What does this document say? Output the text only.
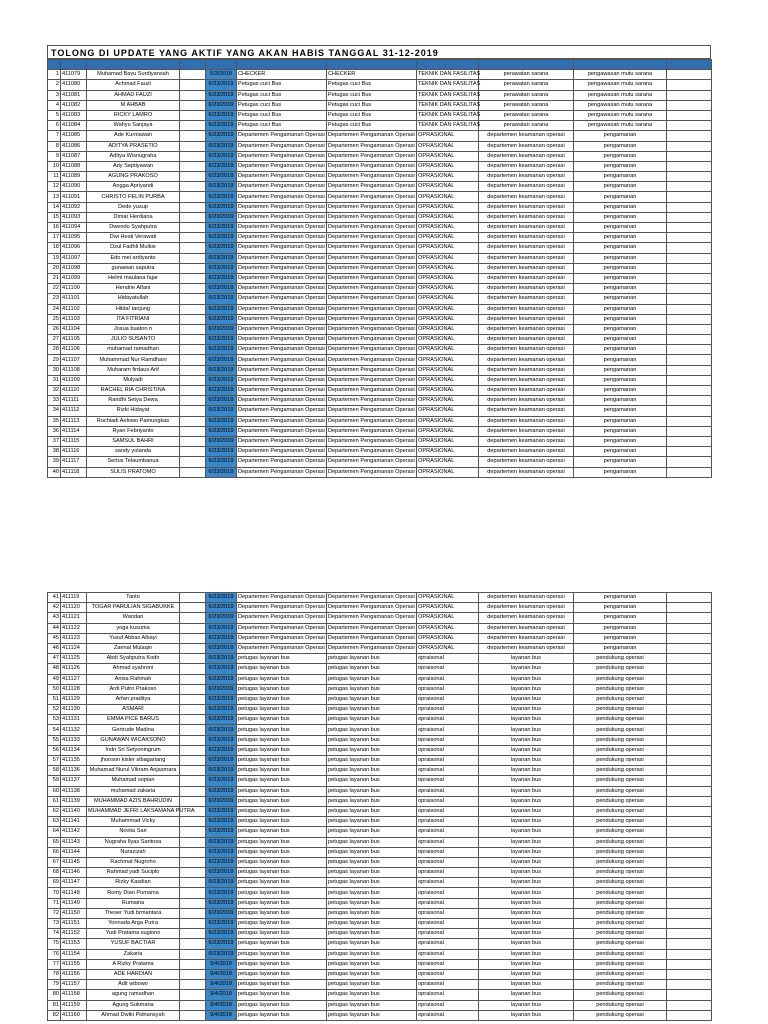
TOLONG DI UPDATE YANG AKTIF YANG AKAN HABIS TANGGAL 31-12-2019

1	411079	Muhamad Bayu Surdiyansah		6/3/2019	CHECKER	CHECKER	TEKNIK DAN FASILITAS	perawatan sarana	pengawasan mutu sarana	
2	411080	Achmad Fauzi		6/23/2019	Petugas cuci Bus	Petugas cuci Bus	TEKNIK DAN FASILITAS	perawatan sarana	pengawasan mutu sarana	
3	411081	AHMAD FAUZI		6/23/2019	Petugas cuci Bus	Petugas cuci Bus	TEKNIK DAN FASILITAS	perawatan sarana	pengawasan mutu sarana	
4	411082	M AHBAB		6/23/2019	Petugas cuci Bus	Petugas cuci Bus	TEKNIK DAN FASILITAS	perawatan sarana	pengawasan mutu sarana	
5	411083	RICKY LAMRO		6/23/2019	Petugas cuci Bus	Petugas cuci Bus	TEKNIK DAN FASILITAS	perawatan sarana	pengawasan mutu sarana	
6	411084	Wahyu Sanjaya		6/23/2019	Petugas cuci Bus	Petugas cuci Bus	TEKNIK DAN FASILITAS	perawatan sarana	pengawasan mutu sarana	
7	411085	Ade Kurniawan		6/23/2019	Departemen Pengamanan Operasi	Departemen Pengamanan Operasi	OPRASIONAL	departemen keamanan operasi	pengamanan	
8	411086	ADITYA PRASETIO		6/23/2019	Departemen Pengamanan Operasi	Departemen Pengamanan Operasi	OPRASIONAL	departemen keamanan operasi	pengamanan	
9	411087	Aditya Wisnugraha		6/23/2019	Departemen Pengamanan Operasi	Departemen Pengamanan Operasi	OPRASIONAL	departemen keamanan operasi	pengamanan	
10	411088	Ady Septiyawan		6/23/2019	Departemen Pengamanan Operasi	Departemen Pengamanan Operasi	OPRASIONAL	departemen keamanan operasi	pengamanan	
11	411089	AGUNG PRAKOSO		6/23/2019	Departemen Pengamanan Operasi	Departemen Pengamanan Operasi	OPRASIONAL	departemen keamanan operasi	pengamanan	
12	411090	Angga Apriyandi		6/23/2019	Departemen Pengamanan Operasi	Departemen Pengamanan Operasi	OPRASIONAL	departemen keamanan operasi	pengamanan	
13	411091	CHRISTO FELIN PURBA		6/23/2019	Departemen Pengamanan Operasi	Departemen Pengamanan Operasi	OPRASIONAL	departemen keamanan operasi	pengamanan	
14	411092	Dede yusup		6/23/2019	Departemen Pengamanan Operasi	Departemen Pengamanan Operasi	OPRASIONAL	departemen keamanan operasi	pengamanan	
15	411093	Dimar Herdiana		6/23/2019	Departemen Pengamanan Operasi	Departemen Pengamanan Operasi	OPRASIONAL	departemen keamanan operasi	pengamanan	
16	411094	Dwendo Syahputra		6/23/2019	Departemen Pengamanan Operasi	Departemen Pengamanan Operasi	OPRASIONAL	departemen keamanan operasi	pengamanan	
17	411095	Dwi Hesti Verawati		6/23/2019	Departemen Pengamanan Operasi	Departemen Pengamanan Operasi	OPRASIONAL	departemen keamanan operasi	pengamanan	
18	411096	Dzul Fadhli Mulkie		6/23/2019	Departemen Pengamanan Operasi	Departemen Pengamanan Operasi	OPRASIONAL	departemen keamanan operasi	pengamanan	
19	411097	Edo mei ardiyanto		6/23/2019	Departemen Pengamanan Operasi	Departemen Pengamanan Operasi	OPRASIONAL	departemen keamanan operasi	pengamanan	
20	411098	gunawan saputra		6/23/2019	Departemen Pengamanan Operasi	Departemen Pengamanan Operasi	OPRASIONAL	departemen keamanan operasi	pengamanan	
21	411099	Helmi maulana fajar		6/23/2019	Departemen Pengamanan Operasi	Departemen Pengamanan Operasi	OPRASIONAL	departemen keamanan operasi	pengamanan	
22	411100	Hendrie Alfani		6/23/2019	Departemen Pengamanan Operasi	Departemen Pengamanan Operasi	OPRASIONAL	departemen keamanan operasi	pengamanan	
23	411101	Hidayatullah		6/23/2019	Departemen Pengamanan Operasi	Departemen Pengamanan Operasi	OPRASIONAL	departemen keamanan operasi	pengamanan	
24	411102	Hilda! tanjung		6/23/2019	Departemen Pengamanan Operasi	Departemen Pengamanan Operasi	OPRASIONAL	departemen keamanan operasi	pengamanan	
25	411103	ITA FITRIANI		6/23/2019	Departemen Pengamanan Operasi	Departemen Pengamanan Operasi	OPRASIONAL	departemen keamanan operasi	pengamanan	
26	411104	Josua buaton n		6/23/2019	Departemen Pengamanan Operasi	Departemen Pengamanan Operasi	OPRASIONAL	departemen keamanan operasi	pengamanan	
27	411105	JULIO SUSANTO		6/23/2019	Departemen Pengamanan Operasi	Departemen Pengamanan Operasi	OPRASIONAL	departemen keamanan operasi	pengamanan	
28	411106	muhamad ramadhan		6/23/2019	Departemen Pengamanan Operasi	Departemen Pengamanan Operasi	OPRASIONAL	departemen keamanan operasi	pengamanan	
29	411107	Muhammad Nur Ramdhani		6/23/2019	Departemen Pengamanan Operasi	Departemen Pengamanan Operasi	OPRASIONAL	departemen keamanan operasi	pengamanan	
30	411108	Muharam firdaus Arif		6/23/2019	Departemen Pengamanan Operasi	Departemen Pengamanan Operasi	OPRASIONAL	departemen keamanan operasi	pengamanan	
31	411109	Mulyadi		6/23/2019	Departemen Pengamanan Operasi	Departemen Pengamanan Operasi	OPRASIONAL	departemen keamanan operasi	pengamanan	
32	411110	RACHEL RIA CHRISTINA		6/23/2019	Departemen Pengamanan Operasi	Departemen Pengamanan Operasi	OPRASIONAL	departemen keamanan operasi	pengamanan	
33	411111	Randhi Setya Dewa		6/23/2019	Departemen Pengamanan Operasi	Departemen Pengamanan Operasi	OPRASIONAL	departemen keamanan operasi	pengamanan	
34	411112	Rizki Hidayat		6/23/2019	Departemen Pengamanan Operasi	Departemen Pengamanan Operasi	OPRASIONAL	departemen keamanan operasi	pengamanan	
35	411113	Ruchiadi Aelowo Pamungkas		6/23/2019	Departemen Pengamanan Operasi	Departemen Pengamanan Operasi	OPRASIONAL	departemen keamanan operasi	pengamanan	
36	411114	Ryan Febriyanto		6/23/2019	Departemen Pengamanan Operasi	Departemen Pengamanan Operasi	OPRASIONAL	departemen keamanan operasi	pengamanan	
37	411115	SAMSUL BAHRI		6/23/2019	Departemen Pengamanan Operasi	Departemen Pengamanan Operasi	OPRASIONAL	departemen keamanan operasi	pengamanan	
38	411116	sandy yolanda		6/23/2019	Departemen Pengamanan Operasi	Departemen Pengamanan Operasi	OPRASIONAL	departemen keamanan operasi	pengamanan	
39	411117	Sertus Telaumbanua		6/23/2019	Departemen Pengamanan Operasi	Departemen Pengamanan Operasi	OPRASIONAL	departemen keamanan operasi	pengamanan	
40	411118	SULIS PRATOMO		6/23/2019	Departemen Pengamanan Operasi	Departemen Pengamanan Operasi	OPRASIONAL	departemen keamanan operasi	pengamanan	
41	411119	Tanto		6/23/2019	Departemen Pengamanan Operasi	Departemen Pengamanan Operasi	OPRASIONAL	departemen keamanan operasi	pengamanan	
42	411120	TOGAR PARULIAN SIGABUKKE		6/23/2019	Departemen Pengamanan Operasi	Departemen Pengamanan Operasi	OPRASIONAL	departemen keamanan operasi	pengamanan	
43	411121	Wandan		6/23/2019	Departemen Pengamanan Operasi	Departemen Pengamanan Operasi	OPRASIONAL	departemen keamanan operasi	pengamanan	
44	411122	yoga kusuma		6/23/2019	Departemen Pengamanan Operasi	Departemen Pengamanan Operasi	OPRASIONAL	departemen keamanan operasi	pengamanan	
45	411123	Yusuf Abbas Albayi		6/23/2019	Departemen Pengamanan Operasi	Departemen Pengamanan Operasi	OPRASIONAL	departemen keamanan operasi	pengamanan	
46	411124	Zaenal Mulaqin		6/23/2019	Departemen Pengamanan Operasi	Departemen Pengamanan Operasi	OPRASIONAL	departemen keamanan operasi	pengamanan	
47	411125	Abdi Syahputra Kodir		6/23/2019	petugas layanan bus	petugas layanan bus	opraisonal	layanan bus	pendukung operasi	
48	411126	Ahmad syahroni		6/23/2019	petugas layanan bus	petugas layanan bus	opraisonal	layanan bus	pendukung operasi	
49	411127	Anisa Rahmah		6/23/2019	petugas layanan bus	petugas layanan bus	opraisonal	layanan bus	pendukung operasi	
50	411128	Ardi Putro Prakoso		6/23/2019	petugas layanan bus	petugas layanan bus	opraisonal	layanan bus	pendukung operasi	
51	411129	Arfan praditya		6/23/2019	petugas layanan bus	petugas layanan bus	opraisonal	layanan bus	pendukung operasi	
52	411130	ASMARI		6/23/2019	petugas layanan bus	petugas layanan bus	opraisonal	layanan bus	pendukung operasi	
53	411131	EMMA PICE BARUS		6/23/2019	petugas layanan bus	petugas layanan bus	opraisonal	layanan bus	pendukung operasi	
54	411132	Gertrude Madina		6/23/2019	petugas layanan bus	petugas layanan bus	opraisonal	layanan bus	pendukung operasi	
55	411133	GUNAWAN WICAKSONO		6/23/2019	petugas layanan bus	petugas layanan bus	opraisonal	layanan bus	pendukung operasi	
56	411134	Indri Sri Setyoningrum		6/23/2019	petugas layanan bus	petugas layanan bus	opraisonal	layanan bus	pendukung operasi	
57	411135	jhonson kisler sibagariang		6/23/2019	petugas layanan bus	petugas layanan bus	opraisonal	layanan bus	pendukung operasi	
58	411136	Muhamad Nurul Vikram Anjasmara		6/23/2019	petugas layanan bus	petugas layanan bus	opraisonal	layanan bus	pendukung operasi	
59	411137	Muhamad sopian		6/23/2019	petugas layanan bus	petugas layanan bus	opraisonal	layanan bus	pendukung operasi	
60	411138	muhamad zakaria		6/23/2019	petugas layanan bus	petugas layanan bus	opraisonal	layanan bus	pendukung operasi	
61	411139	MUHAMMAD AZIS BAHRUDIN		6/23/2019	petugas layanan bus	petugas layanan bus	opraisonal	layanan bus	pendukung operasi	
62	411140	MUHAMMAD JEFRI LAKSAMANA PUTRA		6/23/2019	petugas layanan bus	petugas layanan bus	opraisonal	layanan bus	pendukung operasi	
63	411141	Muhammad Vicky		6/23/2019	petugas layanan bus	petugas layanan bus	opraisonal	layanan bus	pendukung operasi	
64	411142	Novita Sari		6/23/2019	petugas layanan bus	petugas layanan bus	opraisonal	layanan bus	pendukung operasi	
65	411143	Nugraha Ilyas Santosa		6/23/2019	petugas layanan bus	petugas layanan bus	opraisonal	layanan bus	pendukung operasi	
66	411144	Nurazizah		6/23/2019	petugas layanan bus	petugas layanan bus	opraisonal	layanan bus	pendukung operasi	
67	411145	Rachmat Nugroho		6/23/2019	petugas layanan bus	petugas layanan bus	opraisonal	layanan bus	pendukung operasi	
68	411146	Rahmad yadi Suciplo		6/23/2019	petugas layanan bus	petugas layanan bus	opraisonal	layanan bus	pendukung operasi	
69	411147	Rizky Kasdian		6/23/2019	petugas layanan bus	petugas layanan bus	opraisonal	layanan bus	pendukung operasi	
70	411148	Romy Dian Pumama		6/23/2019	petugas layanan bus	petugas layanan bus	opraisonal	layanan bus	pendukung operasi	
71	411149	Rumaina		6/23/2019	petugas layanan bus	petugas layanan bus	opraisonal	layanan bus	pendukung operasi	
72	411150	Theser Yudi brmantara		6/23/2019	petugas layanan bus	petugas layanan bus	opraisonal	layanan bus	pendukung operasi	
73	411151	Yonnada Arga Putra		6/23/2019	petugas layanan bus	petugas layanan bus	opraisonal	layanan bus	pendukung operasi	
74	411152	Yudi Pratama sugiono		6/23/2019	petugas layanan bus	petugas layanan bus	opraisonal	layanan bus	pendukung operasi	
75	411153	YUSUF BACTIAR		6/23/2019	petugas layanan bus	petugas layanan bus	opraisonal	layanan bus	pendukung operasi	
76	411154	Zakaria		6/23/2019	petugas layanan bus	petugas layanan bus	opraisonal	layanan bus	pendukung operasi	
77	411155	A Rizky Pratama		9/4/2019	petugas layanan bus	petugas layanan bus	opraisonal	layanan bus	pendukung operasi	
78	411156	ADE HARDIAN		9/4/2019	petugas layanan bus	petugas layanan bus	opraisonal	layanan bus	pendukung operasi	
79	411157	Adit wibowo		9/4/2019	petugas layanan bus	petugas layanan bus	opraisonal	layanan bus	pendukung operasi	
80	411158	agung ramadhan		9/4/2019	petugas layanan bus	petugas layanan bus	opraisonal	layanan bus	pendukung operasi	
81	411159	Agung Sukmana		9/4/2019	petugas layanan bus	petugas layanan bus	opraisonal	layanan bus	pendukung operasi	
82	411160	Ahmad Dwiki Pidriansyah		9/4/2019	petugas layanan bus	petugas layanan bus	opraisonal	layanan bus	pendukung operasi	
